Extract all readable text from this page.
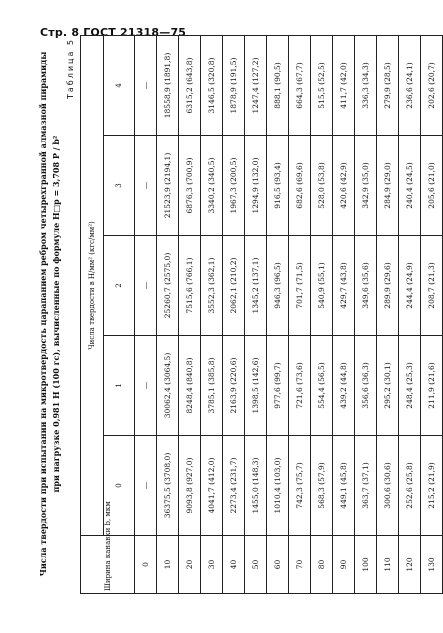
Стр. 8 ГОСТ 21318—75
Числа твердости при испытании на микротвердость царапанием ребром четырехгранной алмазной пирамиды при нагрузке 0,981 Н (100 гс), вычисленные по формуле H□р = 3,708 P / b²
Таблица 5
Ширина канавки b, мкм	Числа твердости в Н/мм² (кгс/мм²)				
	0	1	2	3	4
0	—	—	—	—	—
10	36375,5 (3708,0)	30062,4 (3064,5)	25260,7 (2575,0)	21523,9 (2194,1)	18558,9 (1891,8)
20	9093,8 (927,0)	8248,4 (840,8)	7515,6 (766,1)	6876,3 (700,9)	6315,2 (643,8)
30	4041,7 (412,0)	3785,1 (385,8)	3552,3 (362,1)	3340,2 (340,5)	3146,5 (320,8)
40	2273,4 (231,7)	2163,9 (220,6)	2062,1 (210,2)	1967,3 (200,5)	1878,9 (191,5)
50	1455,0 (148,3)	1398,5 (142,6)	1345,2 (137,1)	1294,9 (132,0)	1247,4 (127,2)
60	1010,4 (103,0)	977,6 (99,7)	946,3 (96,5)	916,5 (93,4)	888,1 (90,5)
70	742,3 (75,7)	721,6 (73,6)	701,7 (71,5)	682,6 (69,6)	664,3 (67,7)
80	568,3 (57,9)	554,4 (56,5)	540,9 (55,1)	528,0 (53,8)	515,5 (52,5)
90	449,1 (45,8)	439,2 (44,8)	429,7 (43,8)	420,6 (42,9)	411,7 (42,0)
100	363,7 (37,1)	356,6 (36,3)	349,6 (35,6)	342,9 (35,0)	336,3 (34,3)
110	300,6 (30,6)	295,2 (30,1)	289,9 (29,6)	284,9 (29,0)	279,9 (28,5)
120	252,6 (25,8)	248,4 (25,3)	244,4 (24,9)	240,4 (24,5)	236,6 (24,1)
130	215,2 (21,9)	211,9 (21,6)	208,7 (21,3)	205,6 (21,0)	202,6 (20,7)
